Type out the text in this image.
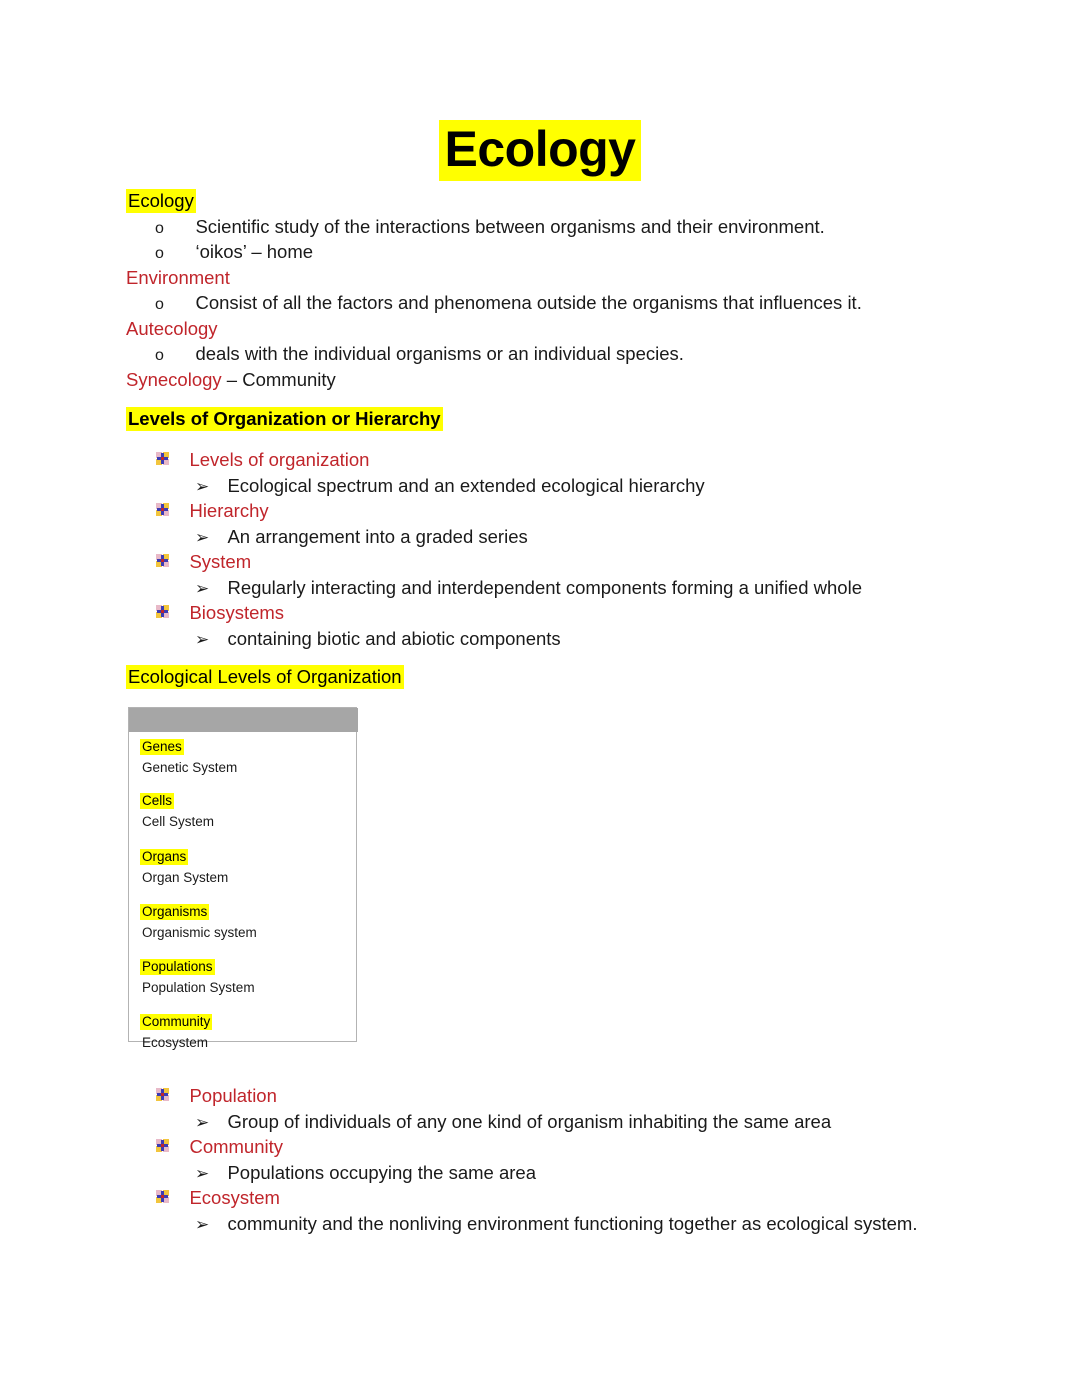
Ecology
Ecology
o Scientific study of the interactions between organisms and their environment.
o ‘oikos’ – home
Environment
o Consist of all the factors and phenomena outside the organisms that influences it.
Autecology
o deals with the individual organisms or an individual species.
Synecology – Community
Levels of Organization or Hierarchy
Levels of organization
➢ Ecological spectrum and an extended ecological hierarchy
Hierarchy
➢ An arrangement into a graded series
System
➢ Regularly interacting and interdependent components forming a unified whole
Biosystems
➢ containing biotic and abiotic components
Ecological Levels of Organization
Genes
Genetic System
Cells
Cell System
Organs
Organ System
Organisms
Organismic system
Populations
Population System
Community
Ecosystem
Population
➢ Group of individuals of any one kind of organism inhabiting the same area
Community
➢ Populations occupying the same area
Ecosystem
➢ community and the nonliving environment functioning together as ecological system.
